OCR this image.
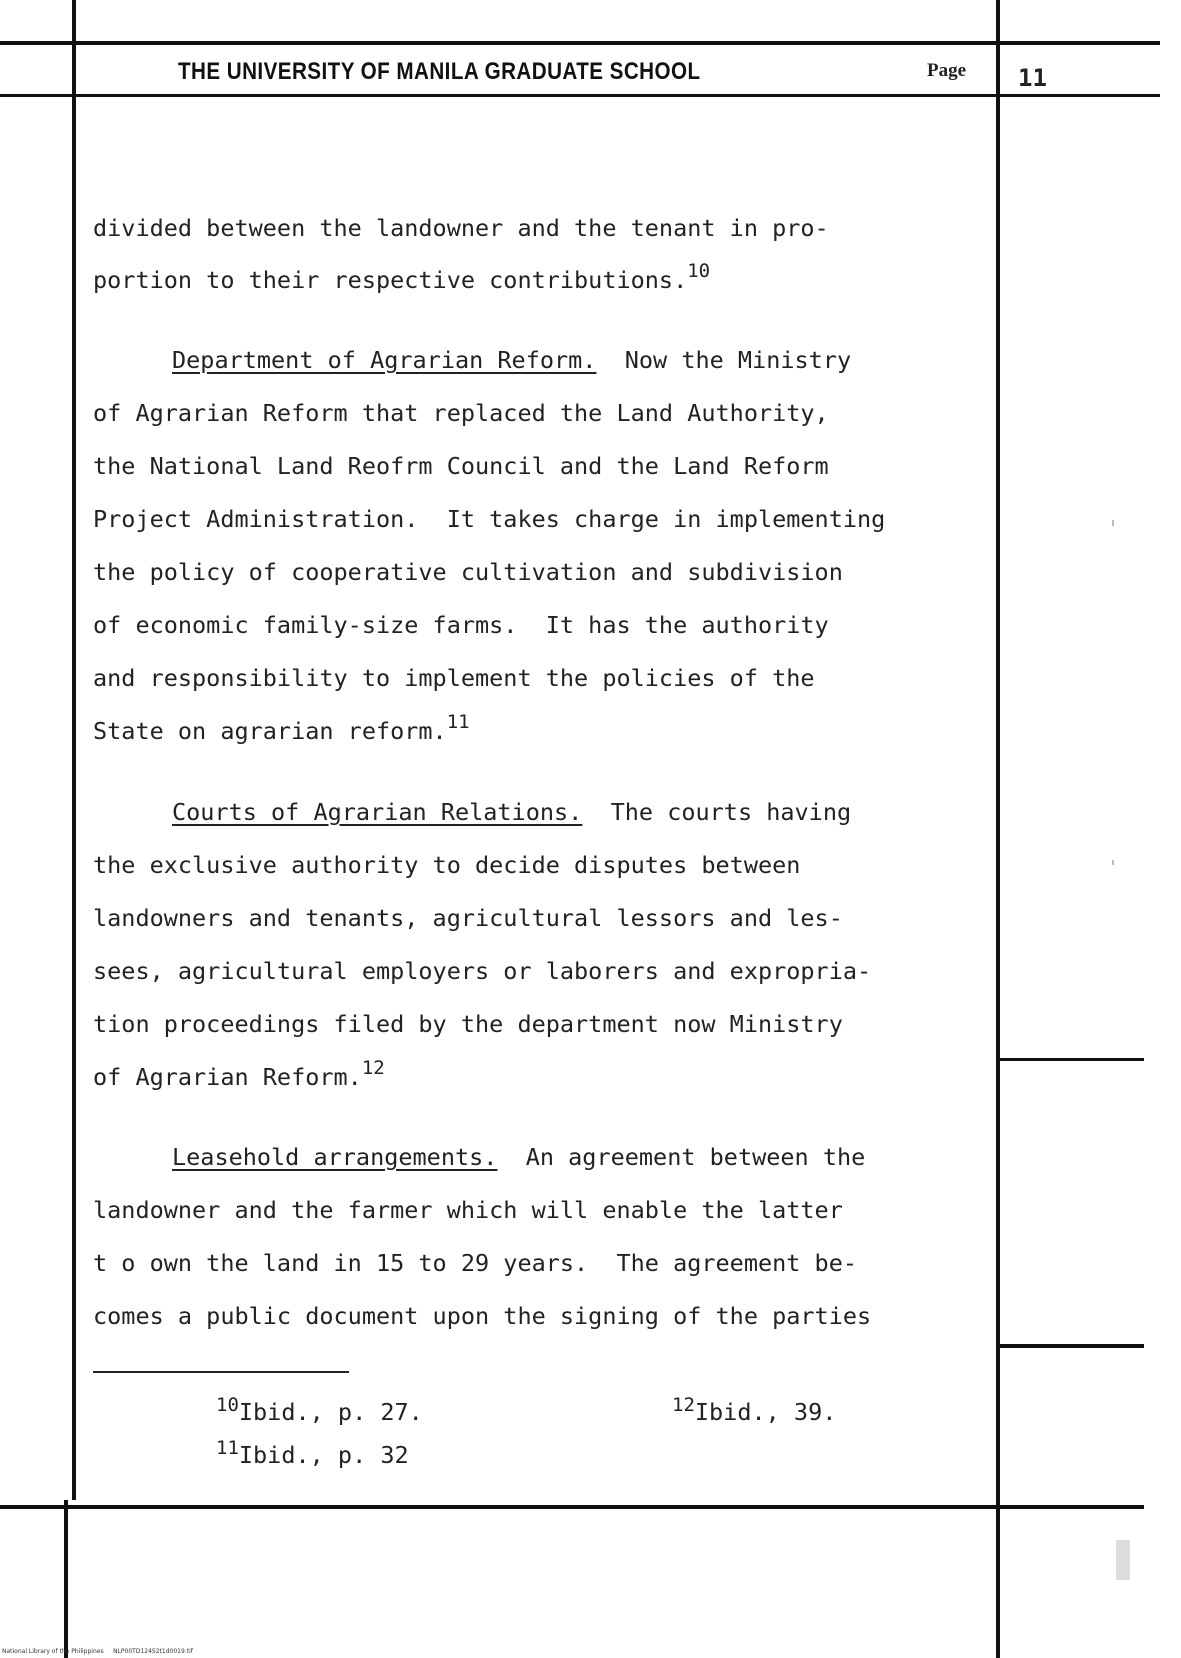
THE UNIVERSITY OF MANILA GRADUATE SCHOOL	Page 11
divided between the landowner and the tenant in pro-
portion to their respective contributions.$^{10}$
Department of Agrarian Reform.  Now the Ministry
of Agrarian Reform that replaced the Land Authority,
the National Land Reofrm Council and the Land Reform
Project Administration.  It takes charge in implementing
the policy of cooperative cultivation and subdivision
of economic family-size farms.  It has the authority
and responsibility to implement the policies of the
State on agrarian reform.$^{11}$
Courts of Agrarian Relations.  The courts having
the exclusive authority to decide disputes between
landowners and tenants, agricultural lessors and les-
sees, agricultural employers or laborers and expropria-
tion proceedings filed by the department now Ministry
of Agrarian Reform.$^{12}$
Leasehold arrangements.  An agreement between the
landowner and the farmer which will enable the latter
t o own the land in 15 to 29 years.  The agreement be-
comes a public document upon the signing of the parties
$^{10}$Ibid., p. 27.
$^{11}$Ibid., p. 32
$^{12}$Ibid., 39.
National Library of the Philippines     NLP00TD12452t1d0019.tif
